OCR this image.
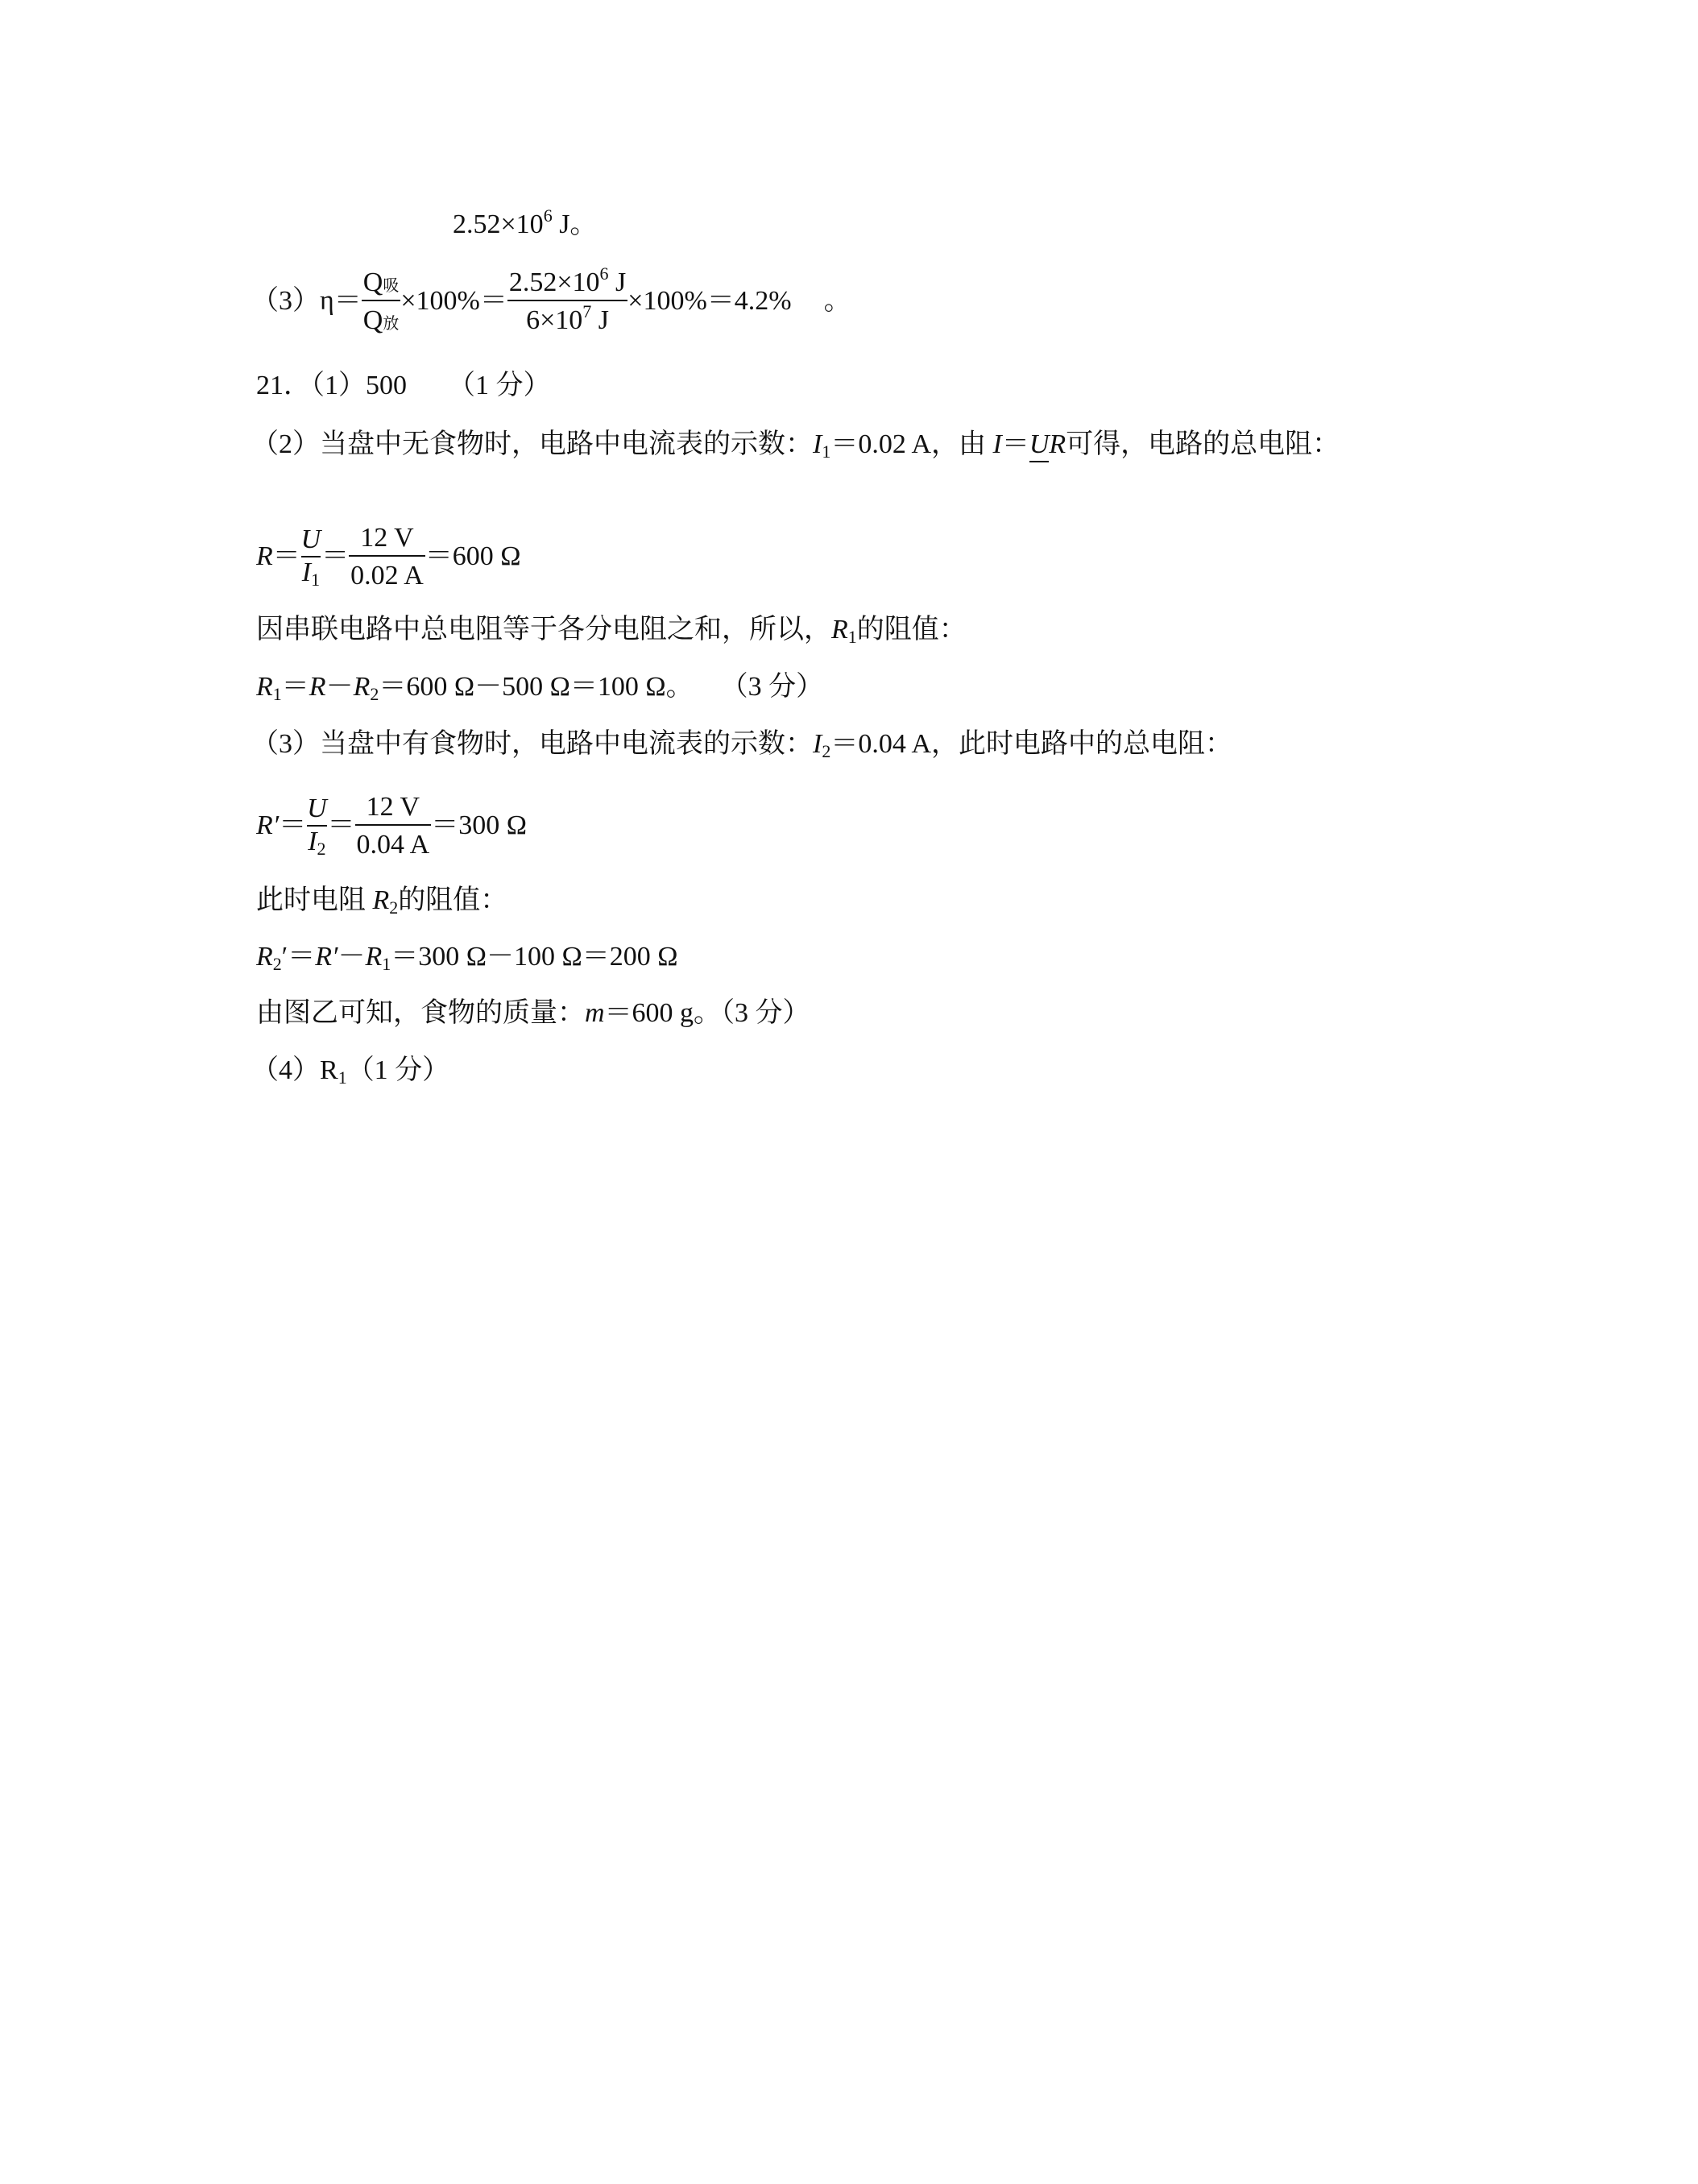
$2.52\times 10^6$ J。
$(3)\eta= \frac{\text{Q吸}}{\text{Q放}} \times 100\%= \frac{2.52\times 10^6 J}{6\times 10^7 J} \times 100\%=4.2\%$ 。
21．（1）500　　（1 分）
（2）当盘中无食物时，电路中电流表的示数：$I_1=0.02$ A，由 I＝UR可得，电路的总电阻：
$R=\frac{U}{I_1} = \frac{12 V}{0.02 A} =600$ Ω
因串联电路中总电阻等于各分电阻之和，所以，$R_1$的阻值：
$R_1=R-R_2=600$ Ω－500 Ω＝100 Ω。　　（3 分）
（3）当盘中有食物时，电路中电流表的示数：$I_2=0.04$ A，此时电路中的总电阻：
$R'=\frac{U}{I_2} = \frac{12 V}{0.04 A} =300$ Ω
此时电阻 $R_2$的阻值：
$R_2'=R'-R_1=300$ Ω－100 Ω＝200 Ω
由图乙可知，食物的质量：m＝600 g。（3 分）
$(4)R_1(1$ 分）
